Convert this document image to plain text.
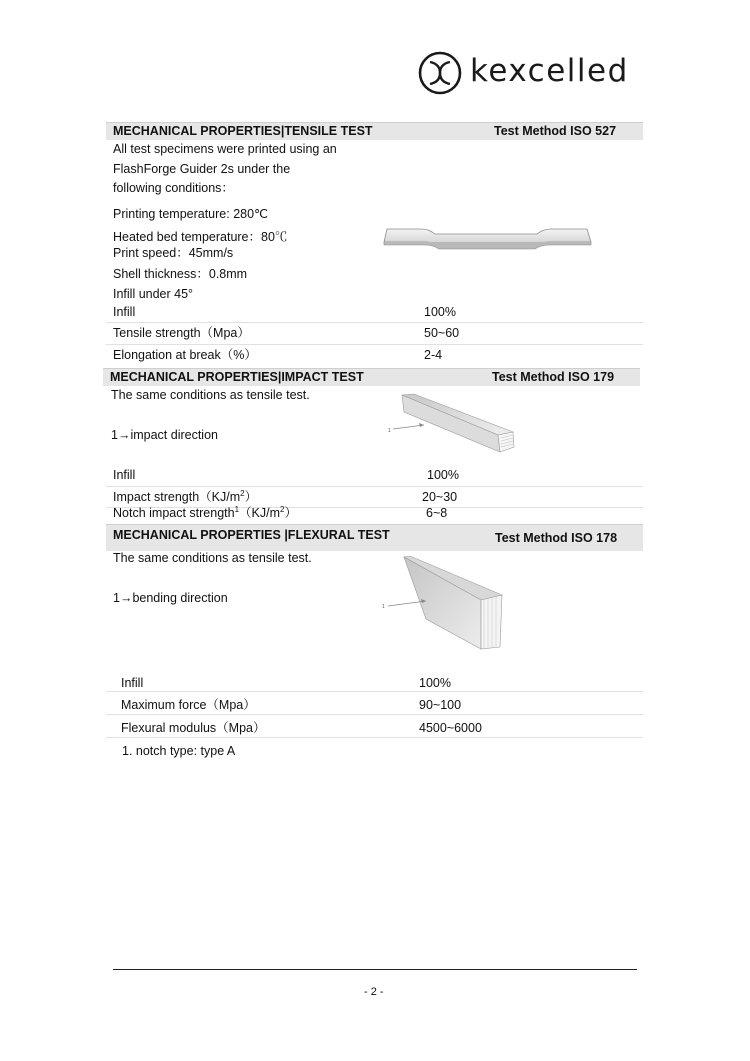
kexcelled
MECHANICAL PROPERTIES|TENSILE TEST	Test Method ISO 527
All test specimens were printed using an
FlashForge Guider 2s under the
following conditions：
Printing temperature: 280℃
Heated bed temperature：80℃
Print speed：45mm/s
Shell thickness：0.8mm
Infill under 45°
Infill	100%
Tensile strength（Mpa）	50~60
Elongation at break（%）	2-4
MECHANICAL PROPERTIES|IMPACT TEST	Test Method ISO 179
The same conditions as tensile test.
1→impact direction	1
Infill	100%
Impact $strength(KJ/m^2)$	20~30
Notch impact $strength^1(KJ/m^2)$	6~8
MECHANICAL PROPERTIES |FLEXURAL TEST	Test Method ISO 178
The same conditions as tensile test.
1→bending direction
1
Infill	100%
Maximum force（Mpa）	90~100
Flexural modulus（Mpa）	4500~6000
1. notch type: type A
- 2 -
